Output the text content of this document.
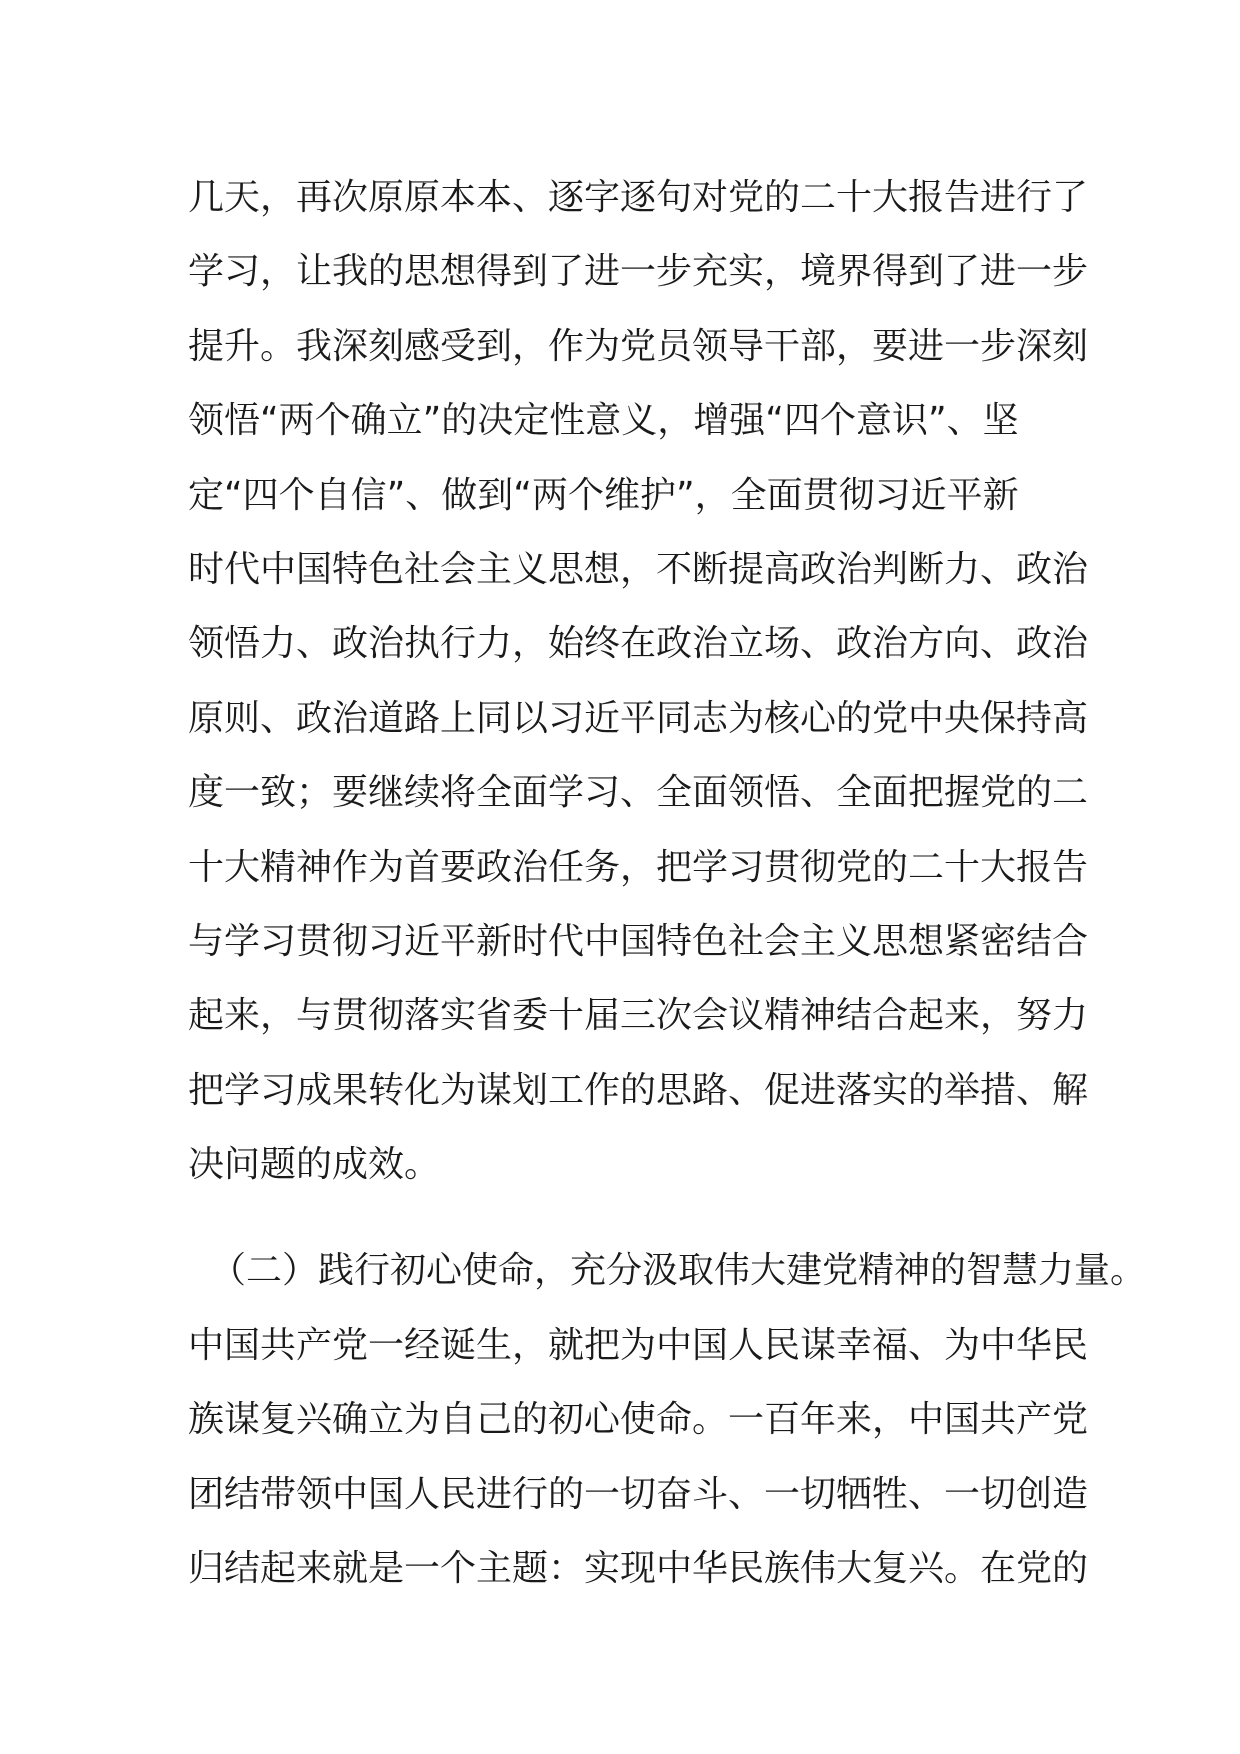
几天，再次原原本本、逐字逐句对党的二十大报告进行了
学习，让我的思想得到了进一步充实，境界得到了进一步
提升。我深刻感受到，作为党员领导干部，要进一步深刻
领悟“两个确立”的决定性意义，增强“四个意识”、坚
定“四个自信”、做到“两个维护”，全面贯彻习近平新
时代中国特色社会主义思想，不断提高政治判断力、政治
领悟力、政治执行力，始终在政治立场、政治方向、政治
原则、政治道路上同以习近平同志为核心的党中央保持高
度一致；要继续将全面学习、全面领悟、全面把握党的二
十大精神作为首要政治任务，把学习贯彻党的二十大报告
与学习贯彻习近平新时代中国特色社会主义思想紧密结合
起来，与贯彻落实省委十届三次会议精神结合起来，努力
把学习成果转化为谋划工作的思路、促进落实的举措、解
决问题的成效。
（二）践行初心使命，充分汲取伟大建党精神的智慧力量。
中国共产党一经诞生，就把为中国人民谋幸福、为中华民
族谋复兴确立为自己的初心使命。一百年来，中国共产党
团结带领中国人民进行的一切奋斗、一切牺牲、一切创造
归结起来就是一个主题：实现中华民族伟大复兴。在党的
